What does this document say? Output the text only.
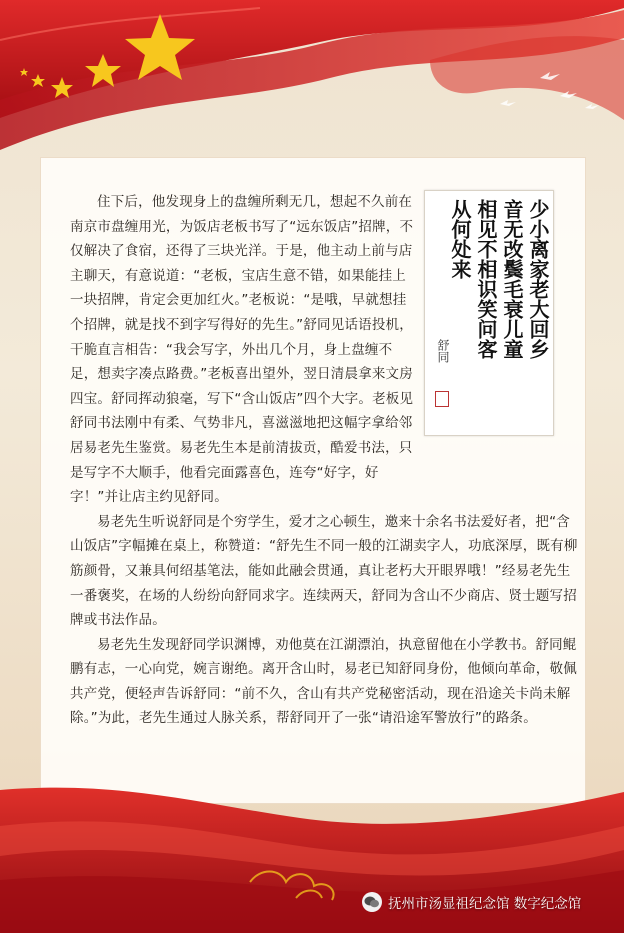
住下后，他发现身上的盘缠所剩无几，想起不久前在南京市盘缠用光，为饭店老板书写了“远东饭店”招牌，不仅解决了食宿，还得了三块光洋。于是，他主动上前与店主聊天，有意说道：“老板，宝店生意不错，如果能挂上一块招牌，肯定会更加红火。”老板说：“是哦，早就想挂个招牌，就是找不到字写得好的先生。”舒同见话语投机，干脆直言相告：“我会写字，外出几个月，身上盘缠不足，想卖字凑点路费。”老板喜出望外，翌日清晨拿来文房四宝。舒同挥动狼毫，写下“含山饭店”四个大字。老板见舒同书法刚中有柔、气势非凡，喜滋滋地把这幅字拿给邻居易老先生鉴赏。易老先生本是前清拔贡，酷爱书法，只是写字不大顺手，他看完面露喜色，连夸“好字，好字！”并让店主约见舒同。

易老先生听说舒同是个穷学生，爱才之心顿生，邀来十余名书法爱好者，把“含山饭店”字幅摊在桌上，称赞道：“舒先生不同一般的江湖卖字人，功底深厚，既有柳筋颜骨，又兼具何绍基笔法，能如此融会贯通，真让老朽大开眼界哦！”经易老先生一番褒奖，在场的人纷纷向舒同求字。连续两天，舒同为含山不少商店、贤士题写招牌或书法作品。

易老先生发现舒同学识渊博，劝他莫在江湖漂泊，执意留他在小学教书。舒同鲲鹏有志，一心向党，婉言谢绝。离开含山时，易老已知舒同身份，他倾向革命，敬佩共产党，便轻声告诉舒同：“前不久，含山有共产党秘密活动，现在沿途关卡尚未解除。”为此，老先生通过人脉关系，帮舒同开了一张“请沿途军警放行”的路条。

少小离家老大回乡
音无改鬓毛衰儿童
相见不相识笑问客
从何处来
舒同
抚州市汤显祖纪念馆 数字纪念馆
